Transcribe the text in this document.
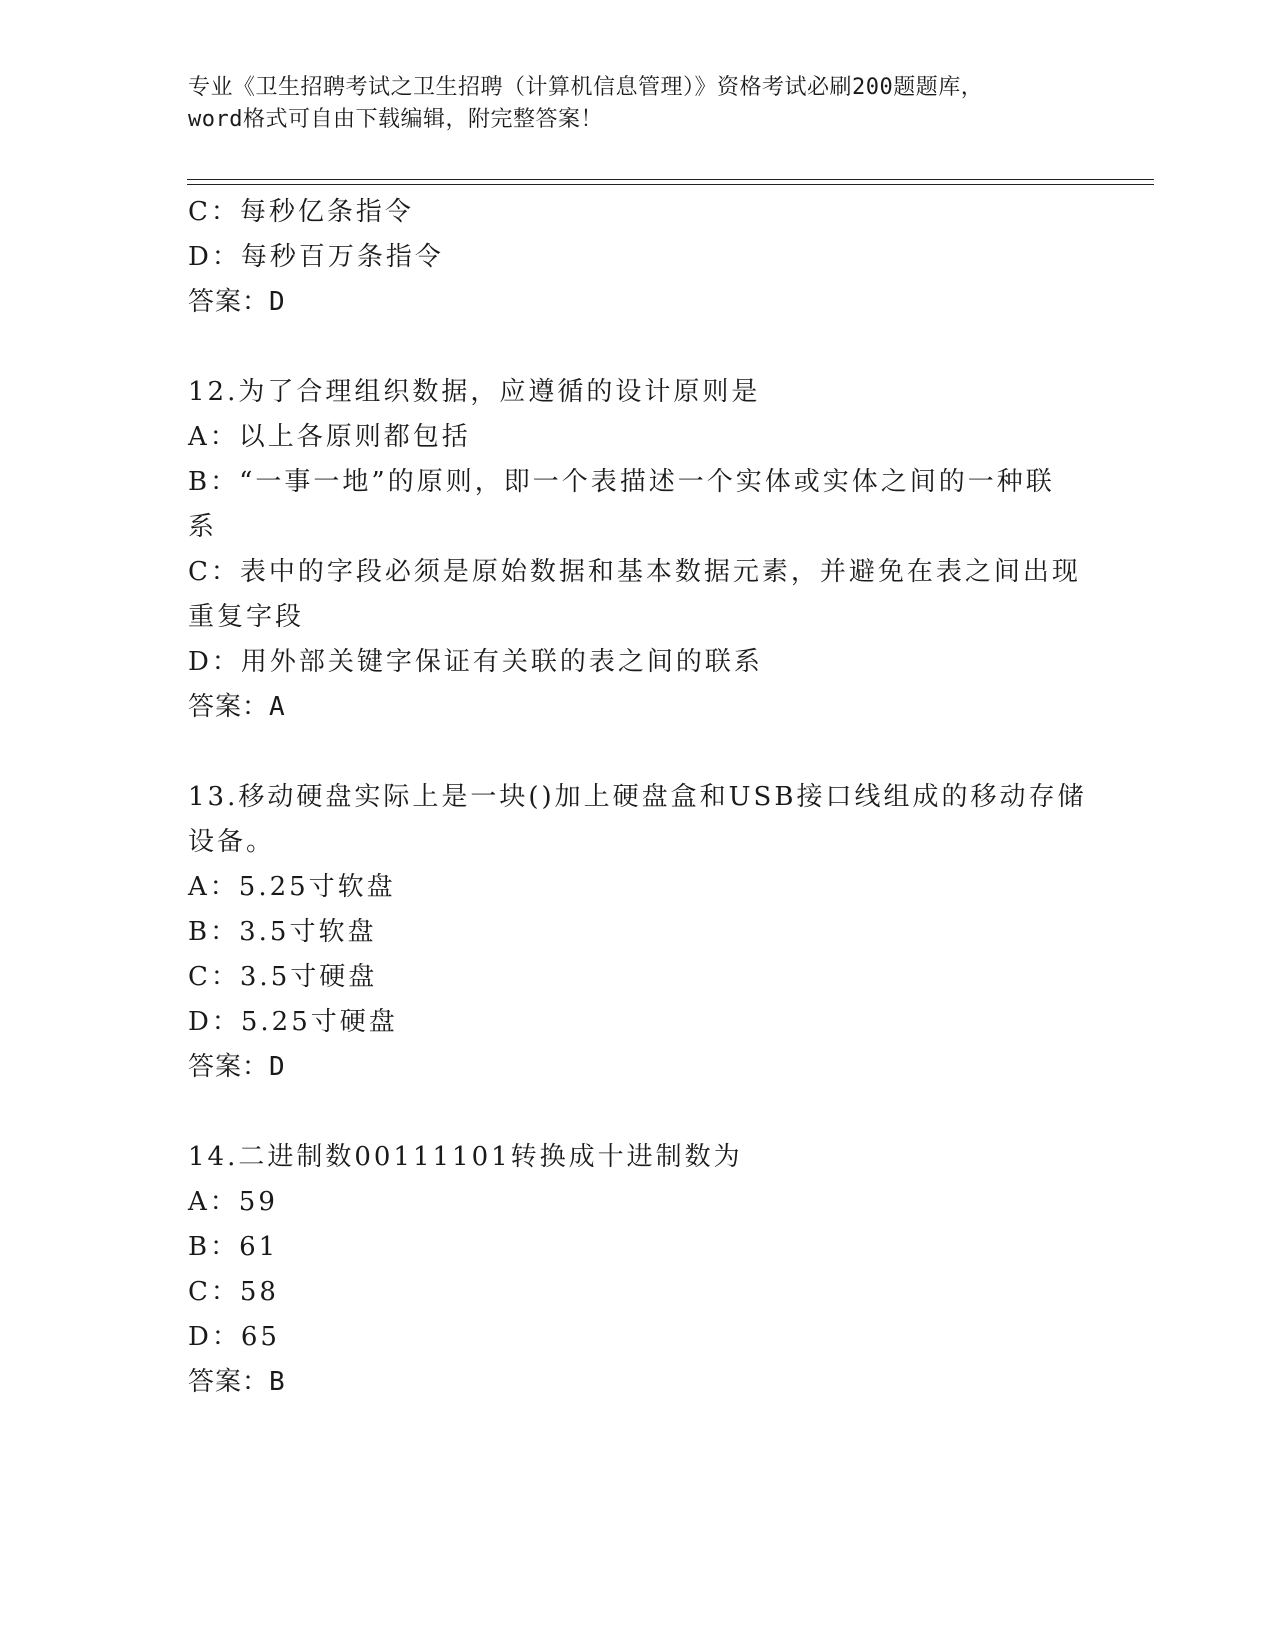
专业《卫生招聘考试之卫生招聘（计算机信息管理）》资格考试必刷200题题库，
word格式可自由下载编辑，附完整答案！
C：每秒亿条指令
D：每秒百万条指令
答案：D
12.为了合理组织数据，应遵循的设计原则是
A：以上各原则都包括
B：“一事一地”的原则，即一个表描述一个实体或实体之间的一种联
系
C：表中的字段必须是原始数据和基本数据元素，并避免在表之间出现
重复字段
D：用外部关键字保证有关联的表之间的联系
答案：A
13.移动硬盘实际上是一块()加上硬盘盒和USB接口线组成的移动存储
设备。
A：5.25寸软盘
B：3.5寸软盘
C：3.5寸硬盘
D：5.25寸硬盘
答案：D
14.二进制数00111101转换成十进制数为
A：59
B：61
C：58
D：65
答案：B
